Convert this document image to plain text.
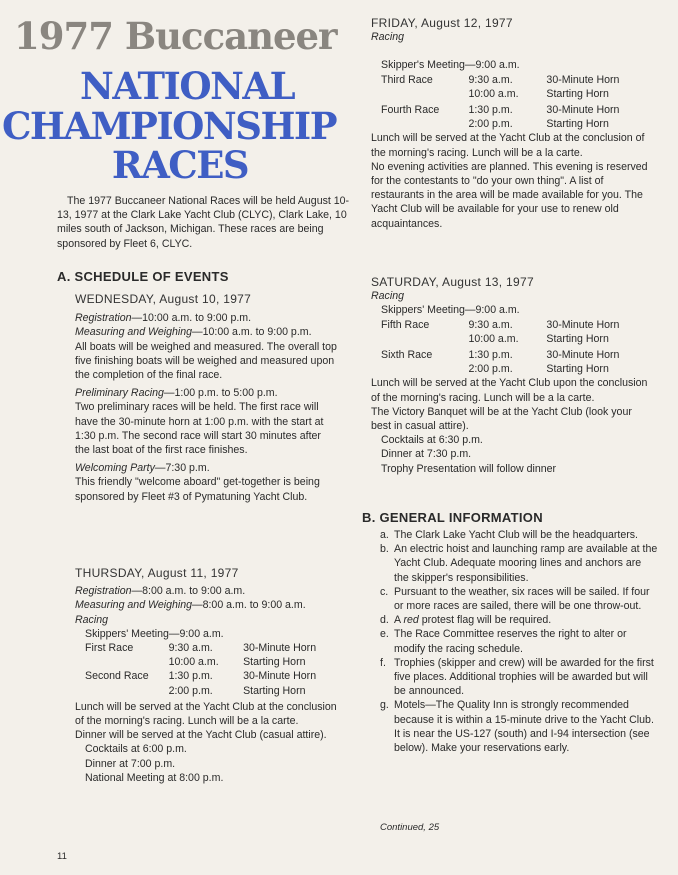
1977 Buccaneer
NATIONAL
CHAMPIONSHIP
RACES

The 1977 Buccaneer National Races will be held August 10-13, 1977 at the Clark Lake Yacht Club (CLYC), Clark Lake, 10 miles south of Jackson, Michigan. These races are being sponsored by Fleet 6, CLYC.

A. SCHEDULE OF EVENTS

WEDNESDAY, August 10, 1977

Registration—10:00 a.m. to 9:00 p.m.

Measuring and Weighing—10:00 a.m. to 9:00 p.m.

All boats will be weighed and measured. The overall top five finishing boats will be weighed and measured upon the completion of the final race.

Preliminary Racing—1:00 p.m. to 5:00 p.m.

Two preliminary races will be held. The first race will have the 30-minute horn at 1:00 p.m. with the start at 1:30 p.m. The second race will start 30 minutes after the last boat of the first race finishes.

Welcoming Party—7:30 p.m.

This friendly "welcome aboard" get-together is being sponsored by Fleet #3 of Pymatuning Yacht Club.

THURSDAY, August 11, 1977

Registration—8:00 a.m. to 9:00 a.m.

Measuring and Weighing—8:00 a.m. to 9:00 a.m.

Racing

Skippers' Meeting—9:00 a.m.

First Race	9:30 a.m.	30-Minute Horn
10:00 a.m.	Starting Horn
Second Race	1:30 p.m.	30-Minute Horn
2:00 p.m.	Starting Horn

Lunch will be served at the Yacht Club at the conclusion of the morning's racing. Lunch will be a la carte.

Dinner will be served at the Yacht Club (casual attire).

Cocktails at 6:00 p.m.

Dinner at 7:00 p.m.

National Meeting at 8:00 p.m.

11

FRIDAY, August 12, 1977

Racing

Skipper's Meeting—9:00 a.m.

Third Race	9:30 a.m.	30-Minute Horn
10:00 a.m.	Starting Horn
Fourth Race	1:30 p.m.	30-Minute Horn
2:00 p.m.	Starting Horn

Lunch will be served at the Yacht Club at the conclusion of the morning's racing. Lunch will be a la carte.

No evening activities are planned. This evening is reserved for the contestants to "do your own thing". A list of restaurants in the area will be made available for you. The Yacht Club will be available for your use to renew old acquaintances.

SATURDAY, August 13, 1977

Racing

Skippers' Meeting—9:00 a.m.

Fifth Race	9:30 a.m.	30-Minute Horn
10:00 a.m.	Starting Horn
Sixth Race	1:30 p.m.	30-Minute Horn
2:00 p.m.	Starting Horn

Lunch will be served at the Yacht Club upon the conclusion of the morning's racing. Lunch will be a la carte.

The Victory Banquet will be at the Yacht Club (look your best in casual attire).

Cocktails at 6:30 p.m.

Dinner at 7:30 p.m.

Trophy Presentation will follow dinner

B. GENERAL INFORMATION
a. The Clark Lake Yacht Club will be the headquarters.
b. An electric hoist and launching ramp are available at the Yacht Club. Adequate mooring lines and anchors are the skipper's responsibilities.
c. Pursuant to the weather, six races will be sailed. If four or more races are sailed, there will be one throw-out.
d. A red protest flag will be required.
e. The Race Committee reserves the right to alter or modify the racing schedule.
f. Trophies (skipper and crew) will be awarded for the first five places. Additional trophies will be awarded but will be announced.
g. Motels—The Quality Inn is strongly recommended because it is within a 15-minute drive to the Yacht Club. It is near the US-127 (south) and I-94 intersection (see below). Make your reservations early.
Continued, 25
